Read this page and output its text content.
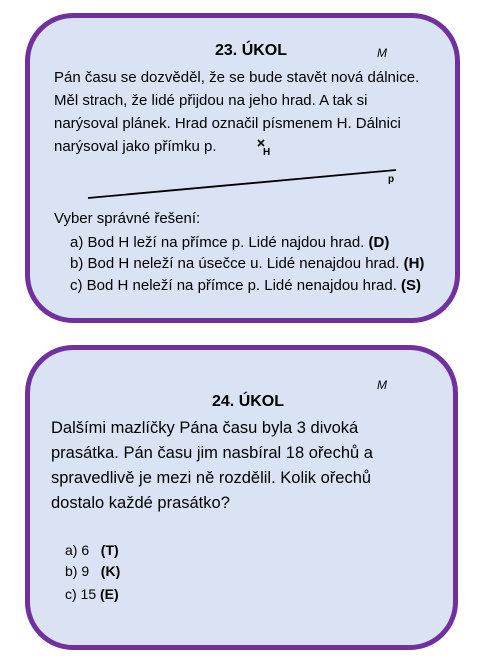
23. ÚKOL	M
Pán času se dozvěděl, že se bude stavět nová dálnice.
Měl strach, že lidé přijdou na jeho hrad. A tak si
narýsoval plánek. Hrad označil písmenem H. Dálnici
narýsoval jako přímku p.	H
p
Vyber správné řešení:
a) Bod H leží na přímce p. Lidé najdou hrad. (D)
b) Bod H neleží na úsečce u. Lidé nenajdou hrad. (H)
c) Bod H neleží na přímce p. Lidé nenajdou hrad. (S)
M
24. ÚKOL
Dalšími mazlíčky Pána času byla 3 divoká
prasátka. Pán času jim nasbíral 18 ořechů a
spravedlivě je mezi ně rozdělil. Kolik ořechů
dostalo každé prasátko?
a) 6 (T)
b) 9 (K)
c) 15 (E)
